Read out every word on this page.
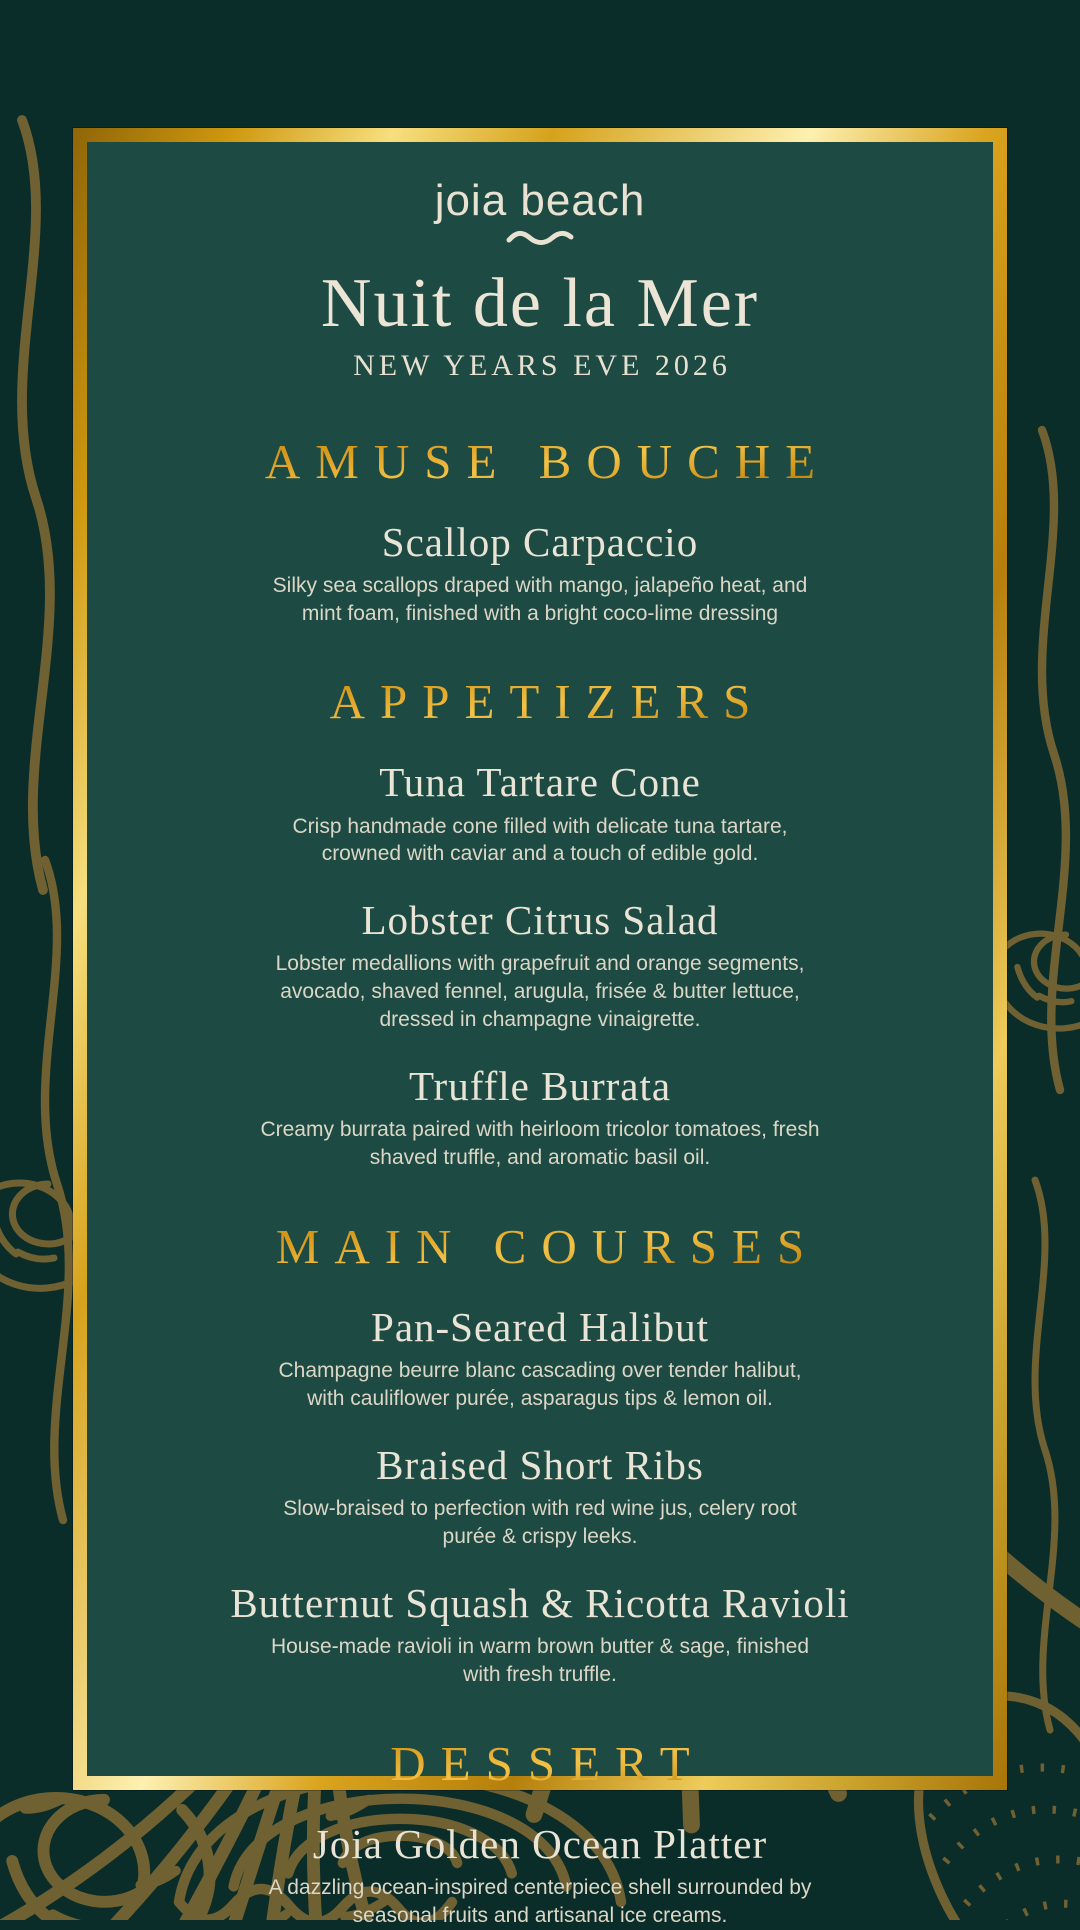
joia beach
Nuit de la Mer
NEW YEARS EVE 2026
AMUSE BOUCHE
Scallop Carpaccio
Silky sea scallops draped with mango, jalapeño heat, and mint foam, finished with a bright coco-lime dressing
APPETIZERS
Tuna Tartare Cone
Crisp handmade cone filled with delicate tuna tartare, crowned with caviar and a touch of edible gold.
Lobster Citrus Salad
Lobster medallions with grapefruit and orange segments, avocado, shaved fennel, arugula, frisée & butter lettuce, dressed in champagne vinaigrette.
Truffle Burrata
Creamy burrata paired with heirloom tricolor tomatoes, fresh shaved truffle, and aromatic basil oil.
MAIN COURSES
Pan-Seared Halibut
Champagne beurre blanc cascading over tender halibut, with cauliflower purée, asparagus tips & lemon oil.
Braised Short Ribs
Slow-braised to perfection with red wine jus, celery root purée & crispy leeks.
Butternut Squash & Ricotta Ravioli
House-made ravioli in warm brown butter & sage, finished with fresh truffle.
DESSERT
Joia Golden Ocean Platter
A dazzling ocean-inspired centerpiece shell surrounded by seasonal fruits and artisanal ice creams.
